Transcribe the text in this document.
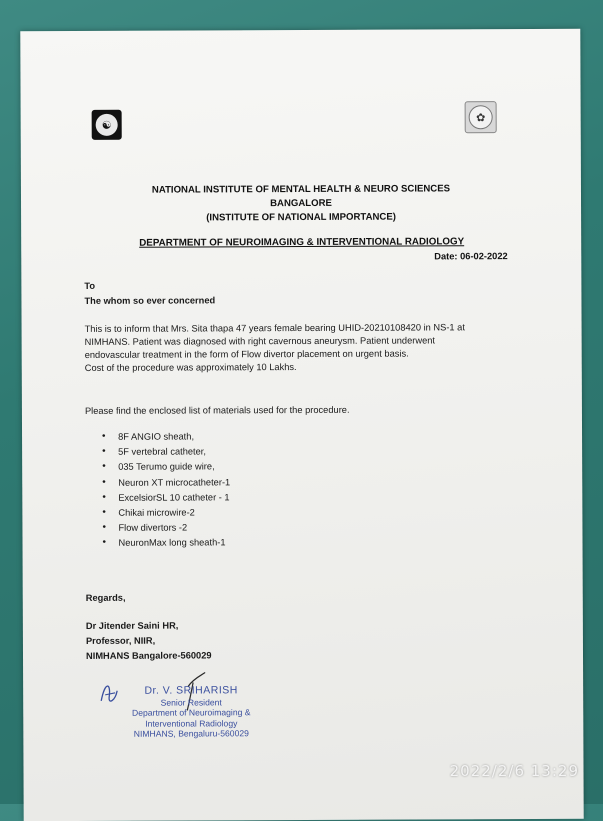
☯
✿
NATIONAL INSTITUTE OF MENTAL HEALTH & NEURO SCIENCES
BANGALORE
(INSTITUTE OF NATIONAL IMPORTANCE)
DEPARTMENT OF NEUROIMAGING & INTERVENTIONAL RADIOLOGY
Date: 06-02-2022
To
The whom so ever concerned
This is to inform that Mrs. Sita thapa 47 years female bearing UHID-20210108420 in NS-1 at
NIMHANS. Patient was diagnosed with right cavernous aneurysm. Patient underwent
endovascular treatment in the form of Flow divertor placement on urgent basis.
Cost of the procedure was approximately 10 Lakhs.
Please find the enclosed list of materials used for the procedure.
• 8F ANGIO sheath,
• 5F vertebral catheter,
• 035 Terumo guide wire,
• Neuron XT microcatheter-1
• ExcelsiorSL 10 catheter - 1
• Chikai microwire-2
• Flow divertors -2
• NeuronMax long sheath-1
Regards,
Dr Jitender Saini HR,
Professor, NIIR,
NIMHANS Bangalore-560029
Dr. V. SRIHARISH
Senior Resident
Department of Neuroimaging &
Interventional Radiology
NIMHANS, Bengaluru-560029
2022/2/6 13:29
